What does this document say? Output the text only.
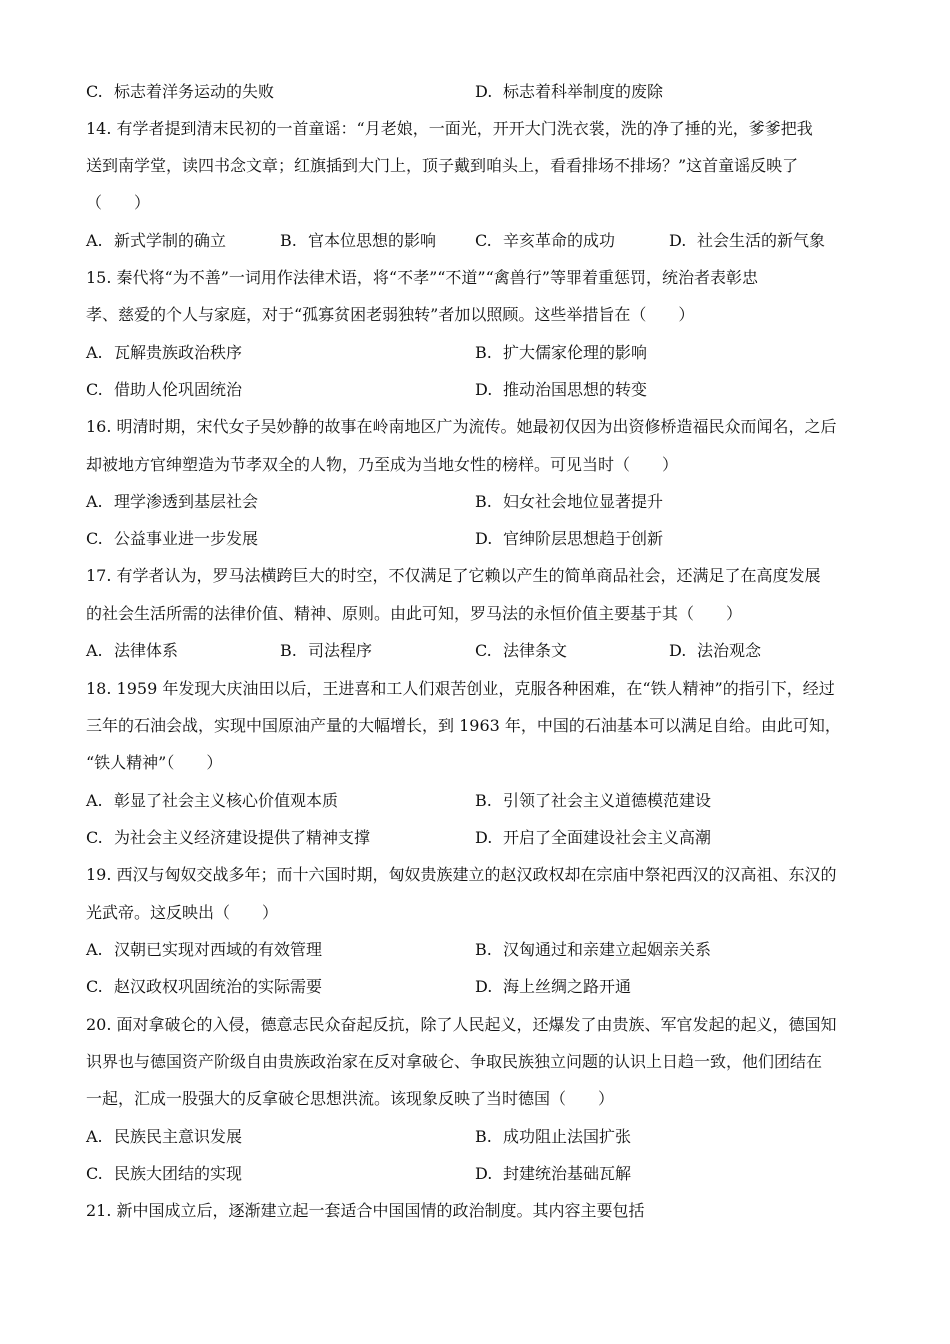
C. 标志着洋务运动的失败	D. 标志着科举制度的废除
14. 有学者提到清末民初的一首童谣：“月老娘，一面光，开开大门洗衣裳，洗的净了捶的光，爹爹把我
送到南学堂，读四书念文章；红旗插到大门上，顶子戴到咱头上，看看排场不排场？”这首童谣反映了
（　　）
A. 新式学制的确立	B. 官本位思想的影响 C. 辛亥革命的成功	D. 社会生活的新气象
15. 秦代将“为不善”一词用作法律术语，将“不孝”“不道”“禽兽行”等罪着重惩罚，统治者表彰忠
孝、慈爱的个人与家庭，对于“孤寡贫困老弱独转”者加以照顾。这些举措旨在（　　）
A. 瓦解贵族政治秩序	B. 扩大儒家伦理的影响
C. 借助人伦巩固统治	D. 推动治国思想的转变
16. 明清时期，宋代女子吴妙静的故事在岭南地区广为流传。她最初仅因为出资修桥造福民众而闻名，之后
却被地方官绅塑造为节孝双全的人物，乃至成为当地女性的榜样。可见当时（　　）
A. 理学渗透到基层社会	B. 妇女社会地位显著提升
C. 公益事业进一步发展	D. 官绅阶层思想趋于创新
17. 有学者认为，罗马法横跨巨大的时空，不仅满足了它赖以产生的简单商品社会，还满足了在高度发展
的社会生活所需的法律价值、精神、原则。由此可知，罗马法的永恒价值主要基于其（　　）
A. 法律体系	B. 司法程序	C. 法律条文	D. 法治观念
18. 1959 年发现大庆油田以后，王进喜和工人们艰苦创业，克服各种困难，在“铁人精神”的指引下，经过
三年的石油会战，实现中国原油产量的大幅增长，到 1963 年，中国的石油基本可以满足自给。由此可知，
“铁人精神”（　　）
A. 彰显了社会主义核心价值观本质	B. 引领了社会主义道德模范建设
C. 为社会主义经济建设提供了精神支撑	D. 开启了全面建设社会主义高潮
19. 西汉与匈奴交战多年；而十六国时期，匈奴贵族建立的赵汉政权却在宗庙中祭祀西汉的汉高祖、东汉的
光武帝。这反映出（　　）
A. 汉朝已实现对西域的有效管理	B. 汉匈通过和亲建立起姻亲关系
C. 赵汉政权巩固统治的实际需要	D. 海上丝绸之路开通
20. 面对拿破仑的入侵，德意志民众奋起反抗，除了人民起义，还爆发了由贵族、军官发起的起义，德国知
识界也与德国资产阶级自由贵族政治家在反对拿破仑、争取民族独立问题的认识上日趋一致，他们团结在
一起，汇成一股强大的反拿破仑思想洪流。该现象反映了当时德国（　　）
A. 民族民主意识发展	B. 成功阻止法国扩张
C. 民族大团结的实现	D. 封建统治基础瓦解
21. 新中国成立后，逐渐建立起一套适合中国国情的政治制度。其内容主要包括
